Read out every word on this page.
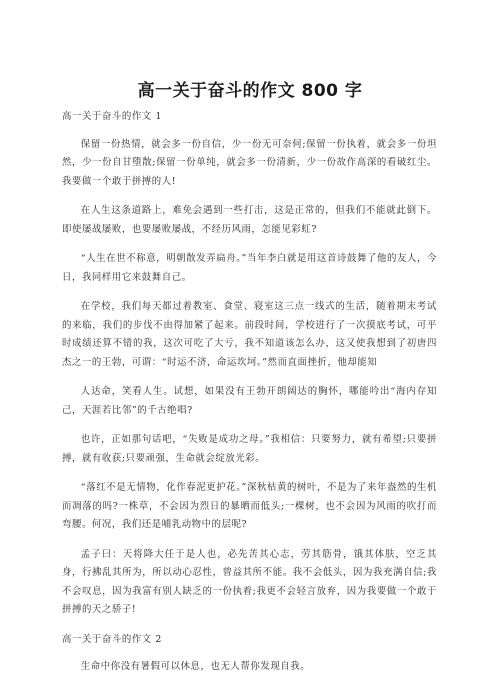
高一关于奋斗的作文 800 字

高一关于奋斗的作文 1

保留一份热情，就会多一份自信，少一份无可奈何;保留一份执着，就会多一份坦然，少一份自甘堕散;保留一份单纯，就会多一份清新，少一份故作高深的看破红尘。我要做一个敢于拼搏的人!

在人生这条道路上，难免会遇到一些打击，这是正常的，但我们不能就此倒下。即使屡战屡败，也要屡败屡战，不经历风雨，怎能见彩虹?

“人生在世不称意，明朝散发弄扁舟。”当年李白就是用这首诗鼓舞了他的友人，今日，我同样用它来鼓舞自己。

在学校，我们每天都过着教室、食堂、寝室这三点一线式的生活，随着期末考试的来临，我们的步伐不由得加紧了起来。前段时间，学校进行了一次摸底考试，可平时成绩还算不错的我，这次可吃了大亏，我不知道该怎么办，这又使我想到了初唐四杰之一的王勃，可谓：“时运不济，命运坎坷。”然而直面挫折，他却能知

人达命，笑看人生。试想，如果没有王勃开朗阔达的胸怀，哪能吟出“海内存知己，天涯若比邻”的千古绝唱?

也许，正如那句话吧，“失败是成功之母。”我相信：只要努力，就有希望;只要拼搏，就有收获;只要顽强，生命就会绽放光彩。

“落红不是无情物，化作春泥更护花。”深秋枯黄的树叶，不是为了来年盎然的生机而凋落的吗?一株草，不会因为烈日的暴晒而低头;一棵树，也不会因为风雨的吹打而弯腰。何况，我们还是哺乳动物中的层呢?

孟子曰：天将降大任于是人也，必先苦其心志，劳其筋骨，饿其体肤，空乏其身，行拂乱其所为，所以动心忍性，曾益其所不能。我不会低头，因为我充满自信;我不会叹息，因为我富有别人缺乏的一份执着;我更不会轻言放弃，因为我要做一个敢于拼搏的天之骄子!

高一关于奋斗的作文 2

生命中你没有暑假可以休息，也无人帮你发现自我。
